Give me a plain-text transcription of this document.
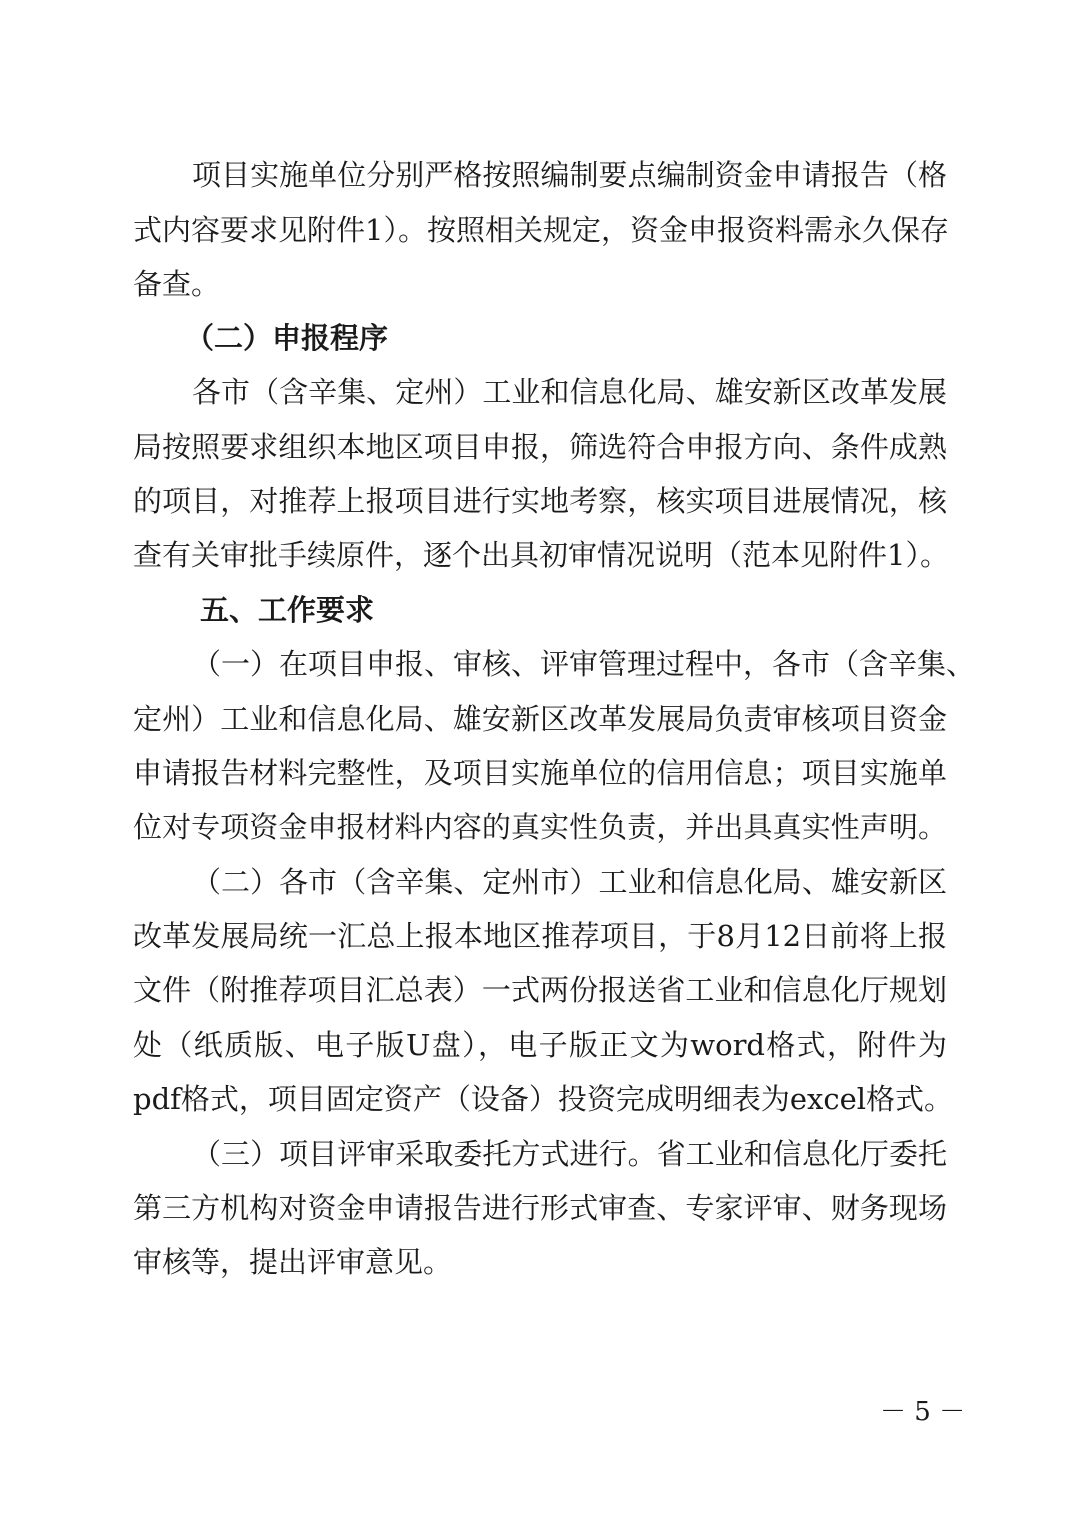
项目实施单位分别严格按照编制要点编制资金申请报告（格
式内容要求见附件1）。按照相关规定，资金申报资料需永久保存
备查。
（二）申报程序
各市（含辛集、定州）工业和信息化局、雄安新区改革发展
局按照要求组织本地区项目申报，筛选符合申报方向、条件成熟
的项目，对推荐上报项目进行实地考察，核实项目进展情况，核
查有关审批手续原件，逐个出具初审情况说明（范本见附件1）。
五、工作要求
（一）在项目申报、审核、评审管理过程中，各市（含辛集、
定州）工业和信息化局、雄安新区改革发展局负责审核项目资金
申请报告材料完整性，及项目实施单位的信用信息；项目实施单
位对专项资金申报材料内容的真实性负责，并出具真实性声明。
（二）各市（含辛集、定州市）工业和信息化局、雄安新区
改革发展局统一汇总上报本地区推荐项目，于8月12日前将上报
文件（附推荐项目汇总表）一式两份报送省工业和信息化厅规划
处（纸质版、电子版U盘），电子版正文为word格式，附件为
pdf格式，项目固定资产（设备）投资完成明细表为excel格式。
（三）项目评审采取委托方式进行。省工业和信息化厅委托
第三方机构对资金申请报告进行形式审查、专家评审、财务现场
审核等，提出评审意见。
－ 5 －
